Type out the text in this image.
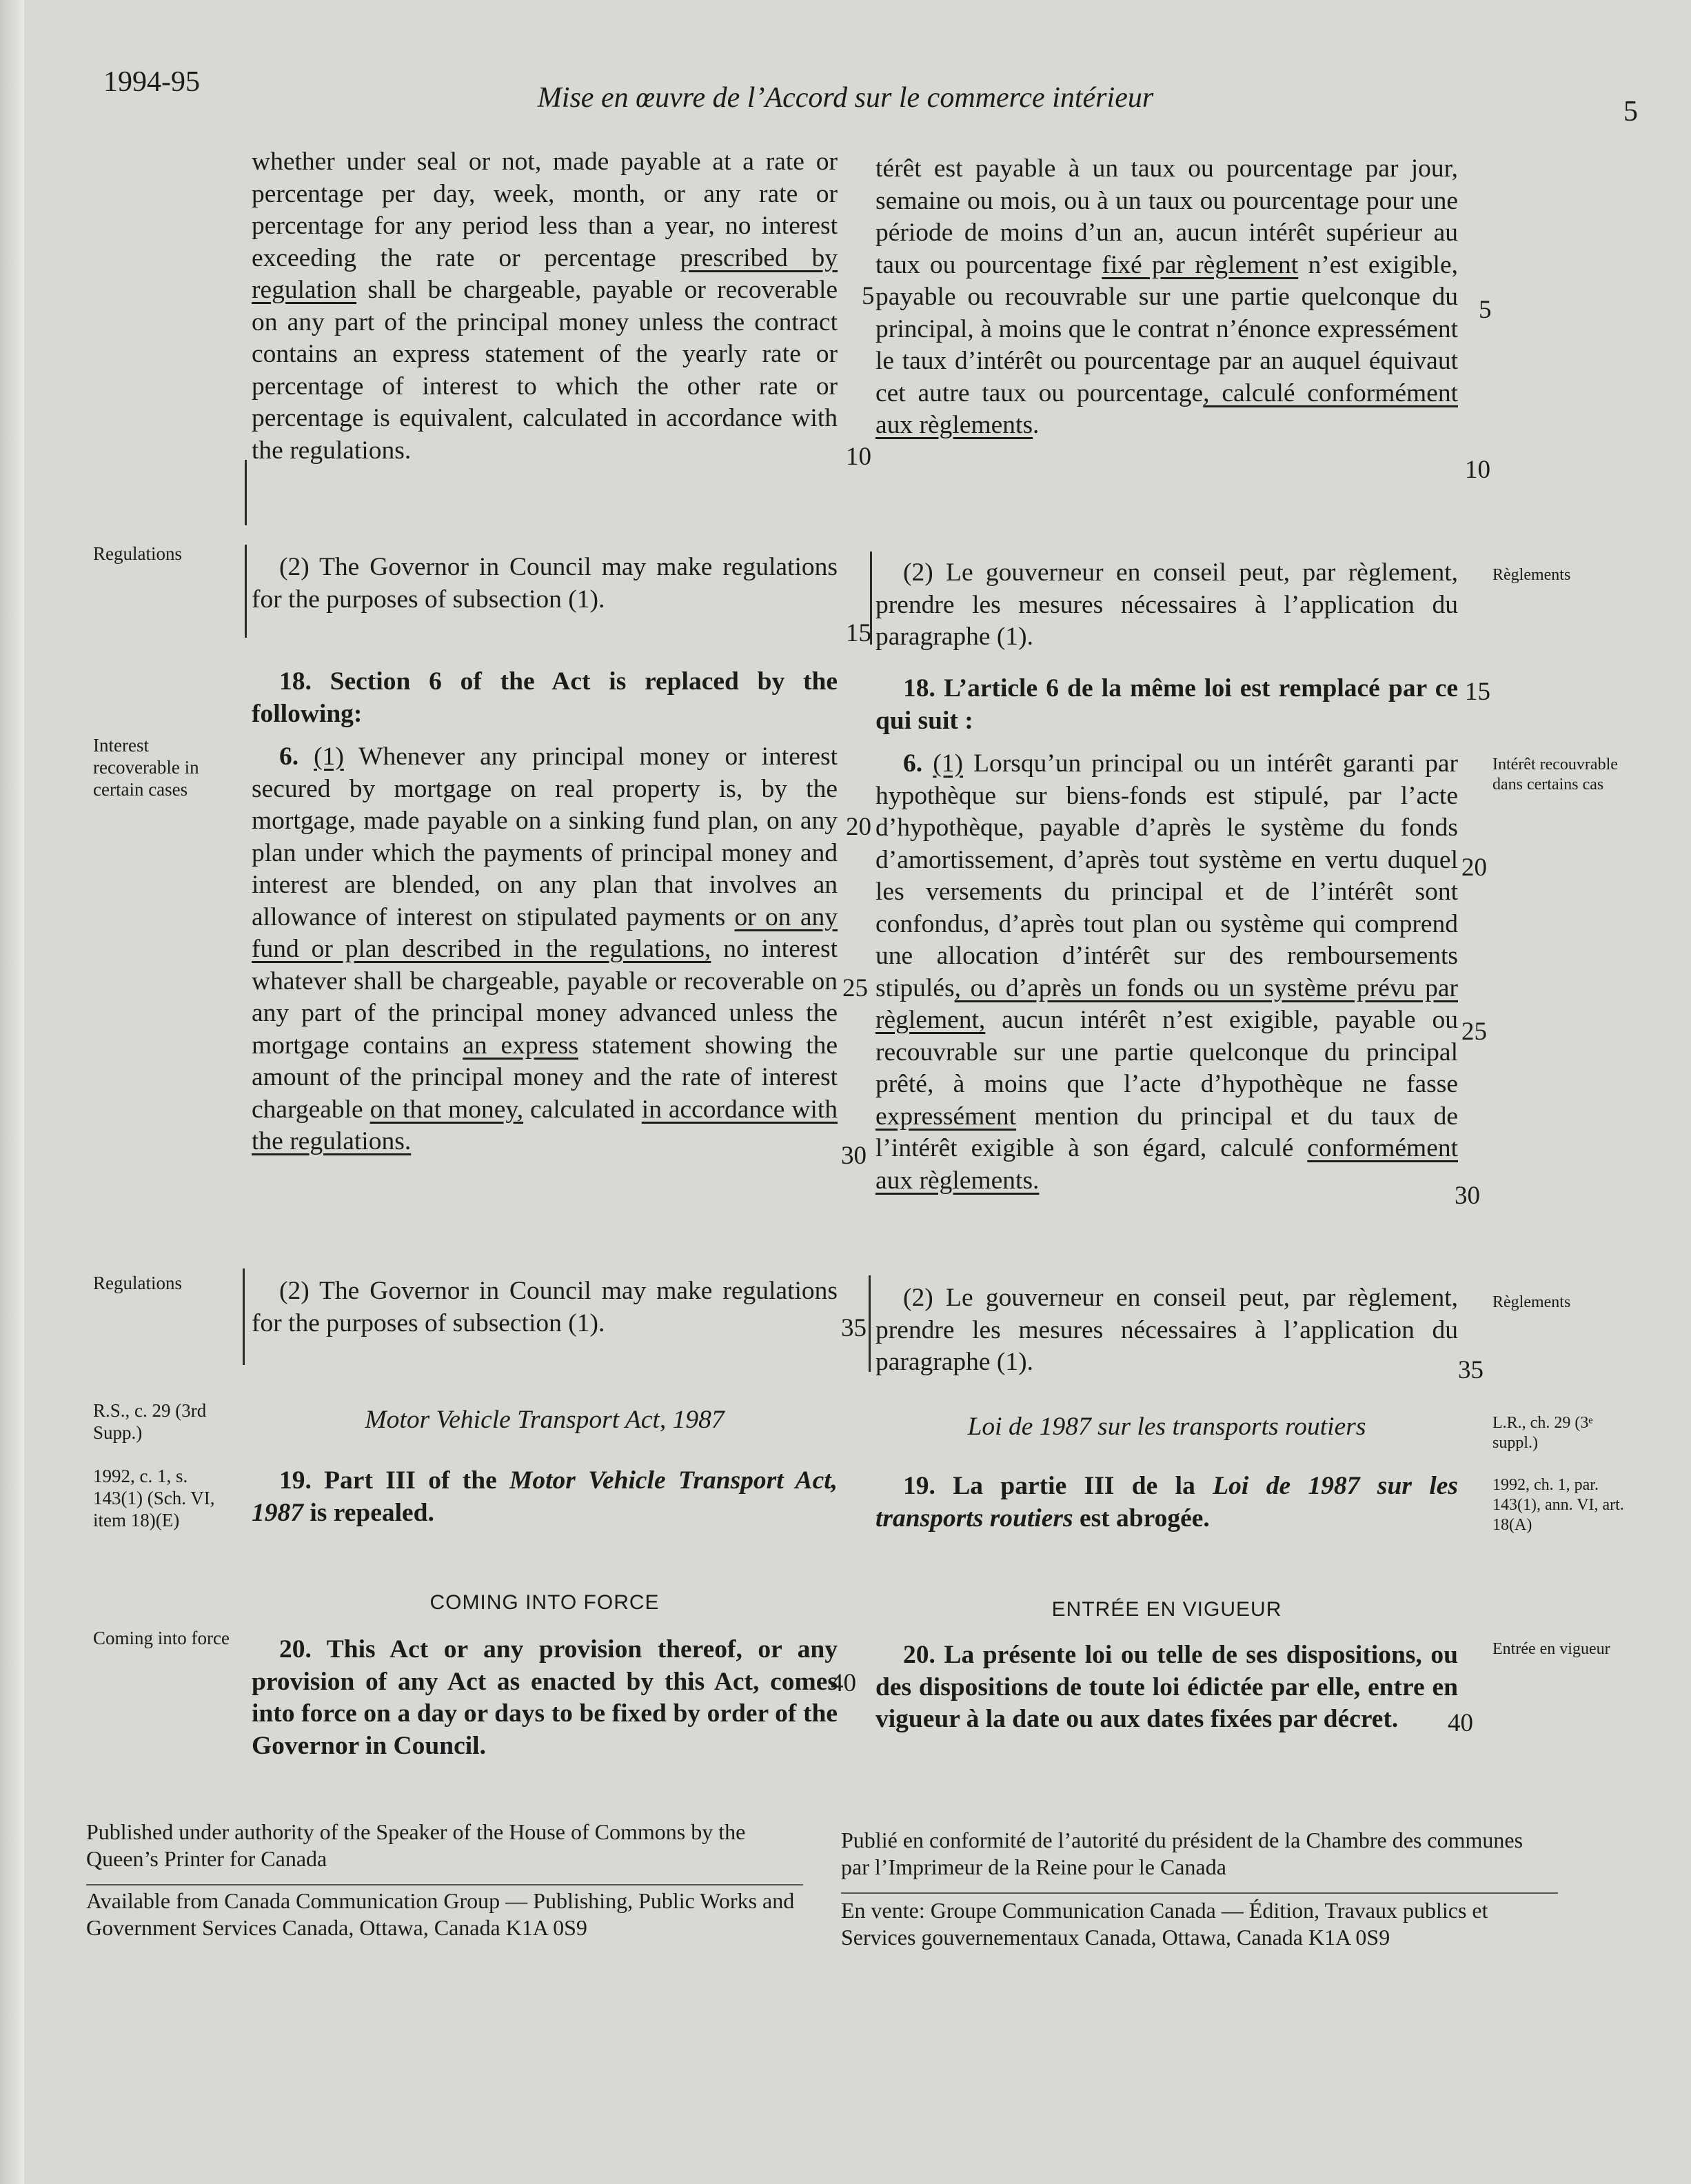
1994-95	Mise en œuvre de l’Accord sur le commerce intérieur	5

whether under seal or not, made payable at a rate or percentage per day, week, month, or any rate or percentage for any period less than a year, no interest exceeding the rate or percentage prescribed by regulation shall be chargeable, payable or recoverable on any part of the principal money unless the contract contains an express statement of the yearly rate or percentage of interest to which the other rate or percentage is equivalent, calculated in accordance with the regulations.

(2) The Governor in Council may make regulations for the purposes of subsection (1).

18. Section 6 of the Act is replaced by the following:

6. (1) Whenever any principal money or interest secured by mortgage on real property is, by the mortgage, made payable on a sinking fund plan, on any plan under which the payments of principal money and interest are blended, on any plan that involves an allowance of interest on stipulated payments or on any fund or plan described in the regulations, no interest whatever shall be chargeable, payable or recoverable on any part of the principal money advanced unless the mortgage contains an express statement showing the amount of the principal money and the rate of interest chargeable on that money, calculated in accordance with the regulations.

(2) The Governor in Council may make regulations for the purposes of subsection (1).

Motor Vehicle Transport Act, 1987

19. Part III of the Motor Vehicle Transport Act, 1987 is repealed.

COMING INTO FORCE

20. This Act or any provision thereof, or any provision of any Act as enacted by this Act, comes into force on a day or days to be fixed by order of the Governor in Council.

térêt est payable à un taux ou pourcentage par jour, semaine ou mois, ou à un taux ou pourcentage pour une période de moins d’un an, aucun intérêt supérieur au taux ou pourcentage fixé par règlement n’est exigible, payable ou recouvrable sur une partie quelconque du principal, à moins que le contrat n’énonce expressément le taux d’intérêt ou pourcentage par an auquel équivaut cet autre taux ou pourcentage, calculé conformément aux règlements.

(2) Le gouverneur en conseil peut, par règlement, prendre les mesures nécessaires à l’application du paragraphe (1).

18. L’article 6 de la même loi est remplacé par ce qui suit :

6. (1) Lorsqu’un principal ou un intérêt garanti par hypothèque sur biens-fonds est stipulé, par l’acte d’hypothèque, payable d’après le système du fonds d’amortissement, d’après tout système en vertu duquel les versements du principal et de l’intérêt sont confondus, d’après tout plan ou système qui comprend une allocation d’intérêt sur des remboursements stipulés, ou d’après un fonds ou un système prévu par règlement, aucun intérêt n’est exigible, payable ou recouvrable sur une partie quelconque du principal prêté, à moins que l’acte d’hypothèque ne fasse expressément mention du principal et du taux de l’intérêt exigible à son égard, calculé conformément aux règlements.

(2) Le gouverneur en conseil peut, par règlement, prendre les mesures nécessaires à l’application du paragraphe (1).

Loi de 1987 sur les transports routiers

19. La partie III de la Loi de 1987 sur les transports routiers est abrogée.

ENTRÉE EN VIGUEUR

20. La présente loi ou telle de ses dispositions, ou des dispositions de toute loi édictée par elle, entre en vigueur à la date ou aux dates fixées par décret.

Regulations
Interest recoverable in certain cases
Regulations
R.S., c. 29 (3rd Supp.)
1992, c. 1, s. 143(1) (Sch. VI, item 18)(E)
Coming into force
Règlements
Intérêt recouvrable dans certains cas
Règlements
L.R., ch. 29 (3ᵉ suppl.)
1992, ch. 1, par. 143(1), ann. VI, art. 18(A)
Entrée en vigueur
5
10
15
20
25
30
35
40
5
10
15
20
25
30
35
40
Published under authority of the Speaker of the House of Commons by the Queen’s Printer for Canada
Available from Canada Communication Group — Publishing, Public Works and Government Services Canada, Ottawa, Canada K1A 0S9
Publié en conformité de l’autorité du président de la Chambre des communes par l’Imprimeur de la Reine pour le Canada
En vente: Groupe Communication Canada — Édition, Travaux publics et Services gouvernementaux Canada, Ottawa, Canada K1A 0S9
